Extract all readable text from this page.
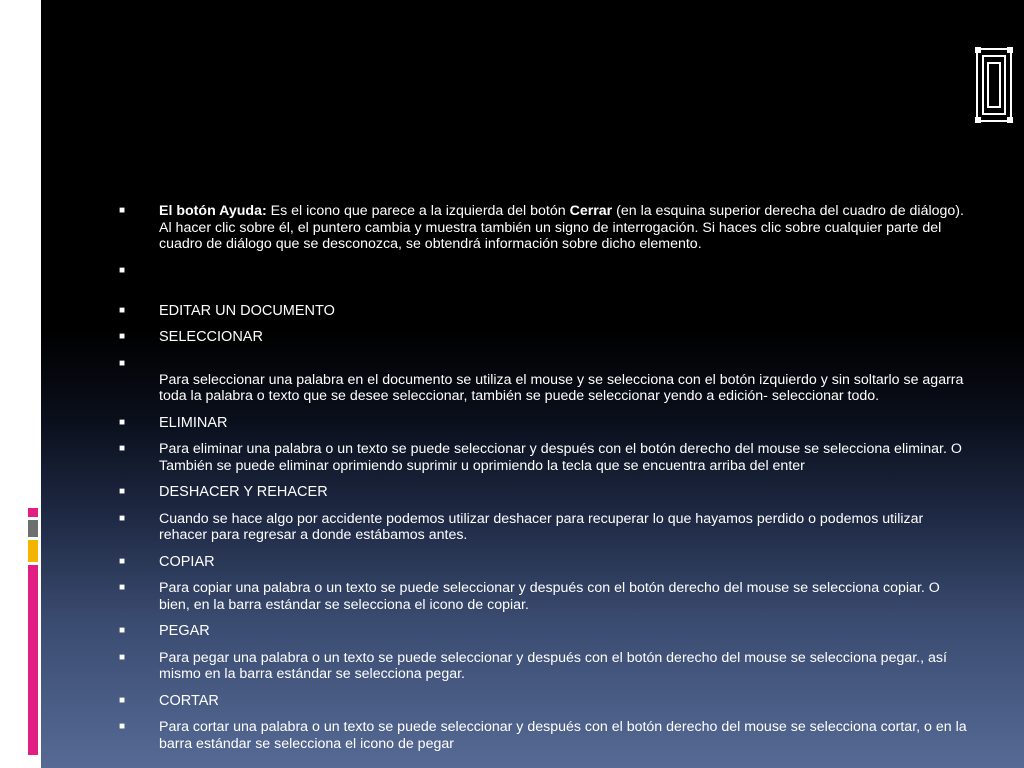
■ El botón Ayuda: Es el icono que parece a la izquierda del botón Cerrar (en la esquina superior derecha del cuadro de diálogo). Al hacer clic sobre él, el puntero cambia y muestra también un signo de interrogación. Si haces clic sobre cualquier parte del cuadro de diálogo que se desconozca, se obtendrá información sobre dicho elemento.
■
■ EDITAR UN DOCUMENTO
■ SELECCIONAR
■
Para seleccionar una palabra en el documento se utiliza el mouse y se selecciona con el botón izquierdo y sin soltarlo se agarra toda la palabra o texto que se desee seleccionar, también se puede seleccionar yendo a edición- seleccionar todo.
■ ELIMINAR
■ Para eliminar una palabra o un texto se puede seleccionar y después con el botón derecho del mouse se selecciona eliminar. O También se puede eliminar oprimiendo suprimir u oprimiendo la tecla que se encuentra arriba del enter
■ DESHACER Y REHACER
■ Cuando se hace algo por accidente podemos utilizar deshacer para recuperar lo que hayamos perdido o podemos utilizar rehacer para regresar a donde estábamos antes.
■ COPIAR
■ Para copiar una palabra o un texto se puede seleccionar y después con el botón derecho del mouse se selecciona copiar. O bien, en la barra estándar se selecciona el icono de copiar.
■ PEGAR
■ Para pegar una palabra o un texto se puede seleccionar y después con el botón derecho del mouse se selecciona pegar., así mismo en la barra estándar se selecciona pegar.
■ CORTAR
■ Para cortar una palabra o un texto se puede seleccionar y después con el botón derecho del mouse se selecciona cortar, o en la barra estándar se selecciona el icono de pegar
